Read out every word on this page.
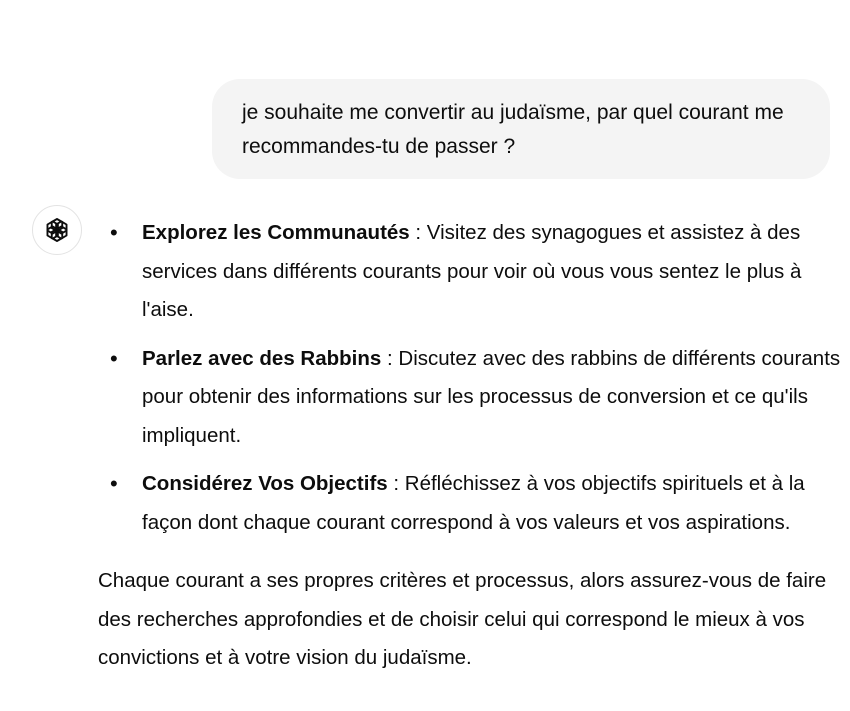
je souhaite me convertir au judaïsme, par quel courant me recommandes-tu de passer ?
• Explorez les Communautés : Visitez des synagogues et assistez à des services dans différents courants pour voir où vous vous sentez le plus à l'aise.
• Parlez avec des Rabbins : Discutez avec des rabbins de différents courants pour obtenir des informations sur les processus de conversion et ce qu'ils impliquent.
• Considérez Vos Objectifs : Réfléchissez à vos objectifs spirituels et à la façon dont chaque courant correspond à vos valeurs et vos aspirations.

Chaque courant a ses propres critères et processus, alors assurez-vous de faire des recherches approfondies et de choisir celui qui correspond le mieux à vos convictions et à votre vision du judaïsme.
